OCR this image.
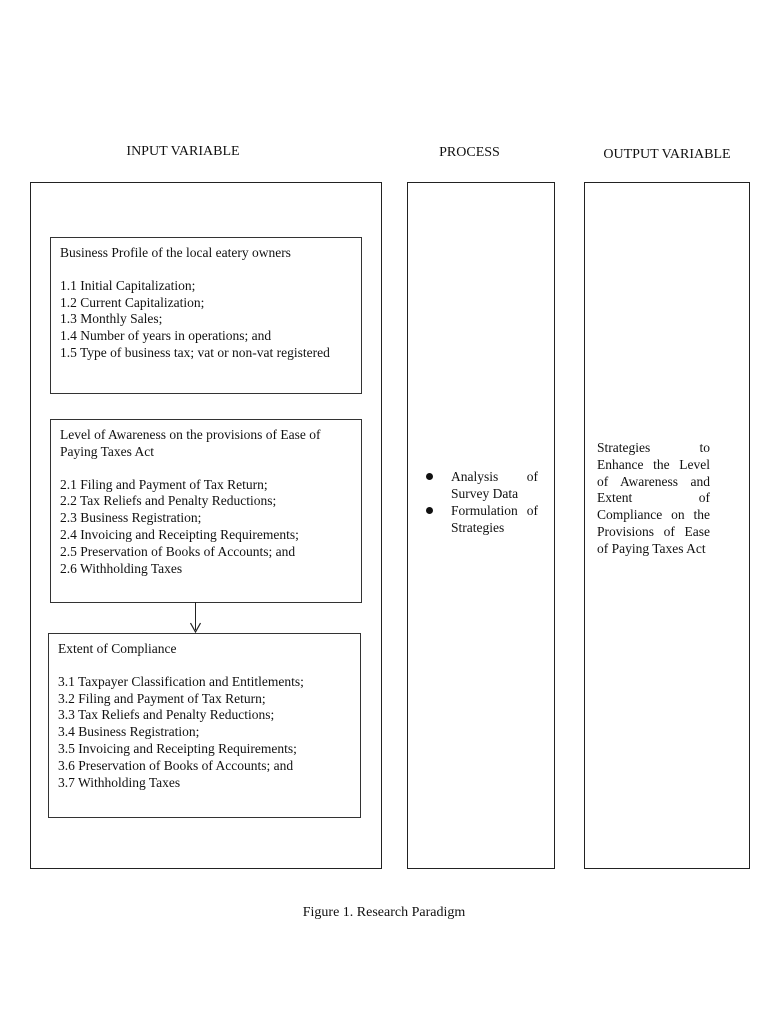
INPUT VARIABLE	PROCESS	OUTPUT VARIABLE

Business Profile of the local eatery owners

1.1 Initial Capitalization;
1.2 Current Capitalization;
1.3 Monthly Sales;
1.4 Number of years in operations; and
1.5 Type of business tax; vat or non-vat registered

Level of Awareness on the provisions of Ease of Paying Taxes Act

2.1 Filing and Payment of Tax Return;
2.2 Tax Reliefs and Penalty Reductions;
2.3 Business Registration;
2.4 Invoicing and Receipting Requirements;
2.5 Preservation of Books of Accounts; and
2.6 Withholding Taxes

Extent of Compliance

3.1 Taxpayer Classification and Entitlements;
3.2 Filing and Payment of Tax Return;
3.3 Tax Reliefs and Penalty Reductions;
3.4 Business Registration;
3.5 Invoicing and Receipting Requirements;
3.6 Preservation of Books of Accounts; and
3.7 Withholding Taxes
Analysis of Survey Data
Formulation of Strategies

Strategies to Enhance the Level of Awareness and Extent of Compliance on the Provisions of Ease of Paying Taxes Act

Figure 1. Research Paradigm
